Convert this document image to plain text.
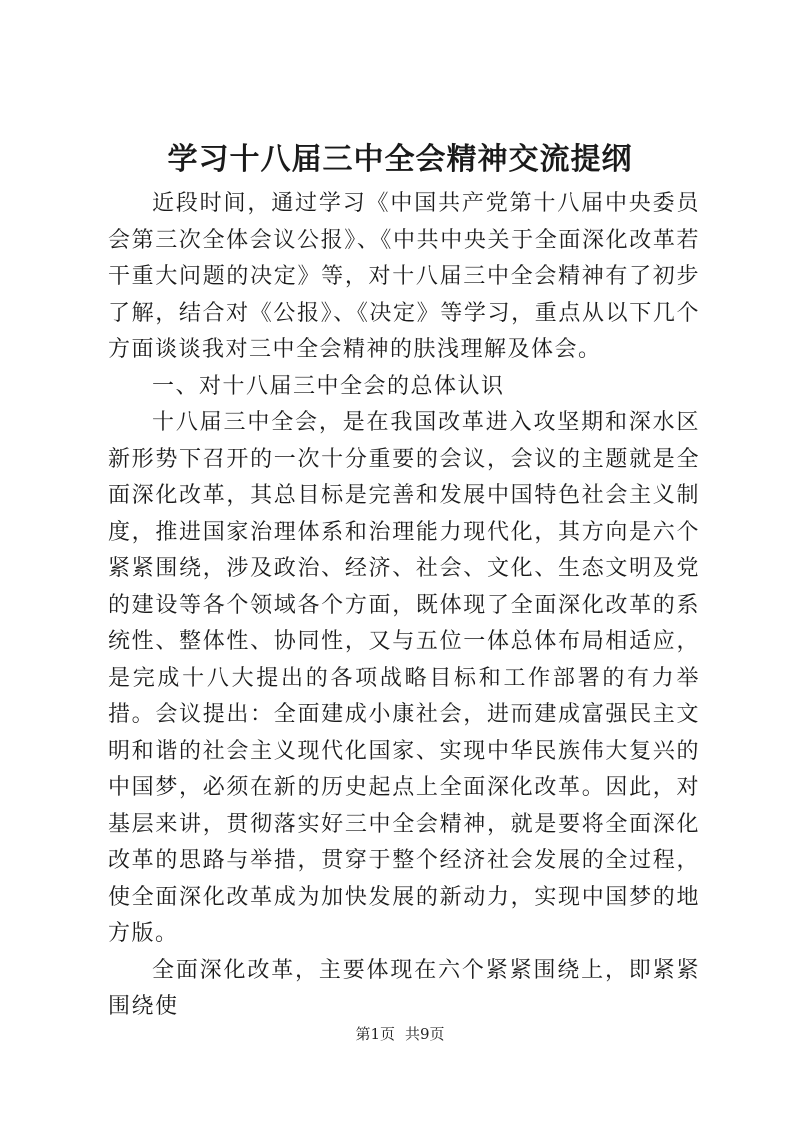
学习十八届三中全会精神交流提纲

近段时间，通过学习《中国共产党第十八届中央委员会第三次全体会议公报》、《中共中央关于全面深化改革若干重大问题的决定》等，对十八届三中全会精神有了初步了解，结合对《公报》、《决定》等学习，重点从以下几个方面谈谈我对三中全会精神的肤浅理解及体会。

一、对十八届三中全会的总体认识

十八届三中全会，是在我国改革进入攻坚期和深水区新形势下召开的一次十分重要的会议，会议的主题就是全面深化改革，其总目标是完善和发展中国特色社会主义制度，推进国家治理体系和治理能力现代化，其方向是六个紧紧围绕，涉及政治、经济、社会、文化、生态文明及党的建设等各个领域各个方面，既体现了全面深化改革的系统性、整体性、协同性，又与五位一体总体布局相适应，是完成十八大提出的各项战略目标和工作部署的有力举措。会议提出：全面建成小康社会，进而建成富强民主文明和谐的社会主义现代化国家、实现中华民族伟大复兴的中国梦，必须在新的历史起点上全面深化改革。因此，对基层来讲，贯彻落实好三中全会精神，就是要将全面深化改革的思路与举措，贯穿于整个经济社会发展的全过程，使全面深化改革成为加快发展的新动力，实现中国梦的地方版。

全面深化改革，主要体现在六个紧紧围绕上，即紧紧围绕使

第1页 共9页
